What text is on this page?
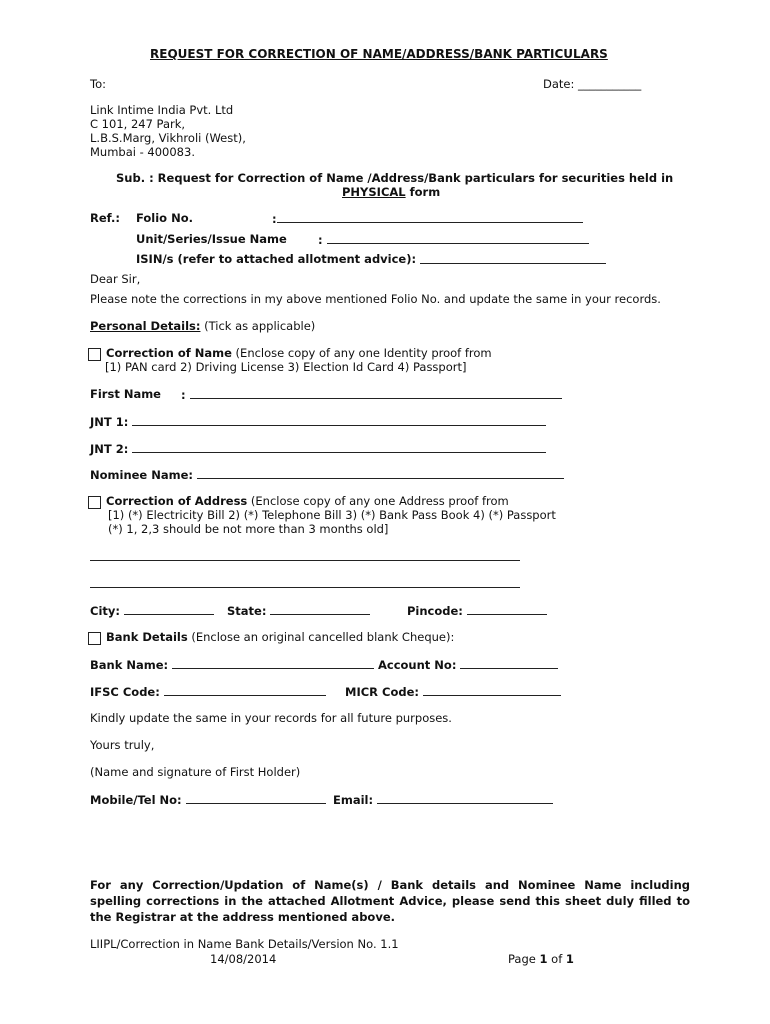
REQUEST FOR CORRECTION OF NAME/ADDRESS/BANK PARTICULARS
To:	Date: ___________
Link Intime India Pvt. Ltd
C 101, 247 Park,
L.B.S.Marg, Vikhroli (West),
Mumbai - 400083.
Sub. : Request for Correction of Name /Address/Bank particulars for securities held in
PHYSICAL form
Ref.: Folio No.	:
Unit/Series/Issue Name	:
ISIN/s (refer to attached allotment advice):
Dear Sir,
Please note the corrections in my above mentioned Folio No. and update the same in your records.
Personal Details: (Tick as applicable)
Correction of Name (Enclose copy of any one Identity proof from
[1) PAN card 2) Driving License 3) Election Id Card 4) Passport]
First Name :
JNT 1:
JNT 2:
Nominee Name:
Correction of Address (Enclose copy of any one Address proof from
[1) (*) Electricity Bill 2) (*) Telephone Bill 3) (*) Bank Pass Book 4) (*) Passport
(*) 1, 2,3 should be not more than 3 months old]
City:	State:	Pincode:
Bank Details (Enclose an original cancelled blank Cheque):
Bank Name:	Account No:
IFSC Code:	MICR Code:
Kindly update the same in your records for all future purposes.
Yours truly,
(Name and signature of First Holder)
Mobile/Tel No:	Email:
For any Correction/Updation of Name(s) / Bank details and Nominee Name including spelling corrections in the attached Allotment Advice, please send this sheet duly filled to the Registrar at the address mentioned above.
LIIPL/Correction in Name Bank Details/Version No. 1.1
14/08/2014	Page 1 of 1
